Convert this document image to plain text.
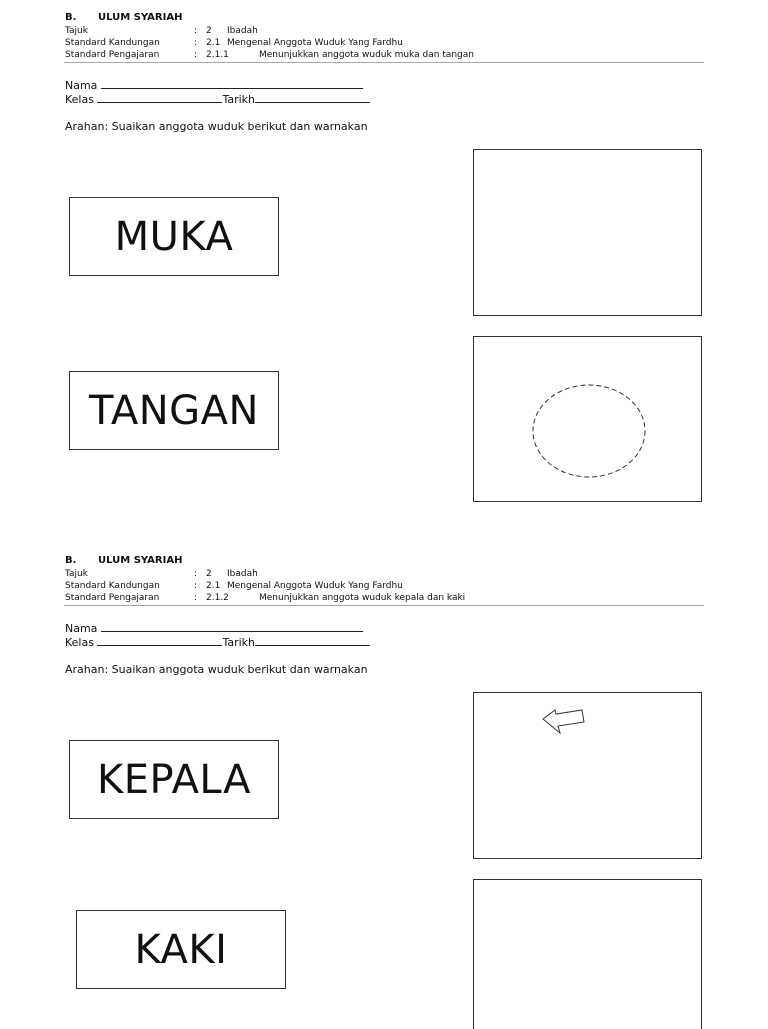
B. ULUM SYARIAH
Tajuk	: 2 Ibadah
Standard Kandungan	: 2.1 Mengenal Anggota Wuduk Yang Fardhu
Standard Pengajaran	: 2.1.1	Menunjukkan anggota wuduk muka dan tangan
Nama
Kelas	Tarikh
Arahan: Suaikan anggota wuduk berikut dan warnakan
MUKA
TANGAN
B. ULUM SYARIAH
Tajuk	: 2 Ibadah
Standard Kandungan	: 2.1 Mengenal Anggota Wuduk Yang Fardhu
Standard Pengajaran	: 2.1.2	Menunjukkan anggota wuduk kepala dan kaki
Nama
Kelas	Tarikh
Arahan: Suaikan anggota wuduk berikut dan warnakan
KEPALA
KAKI
